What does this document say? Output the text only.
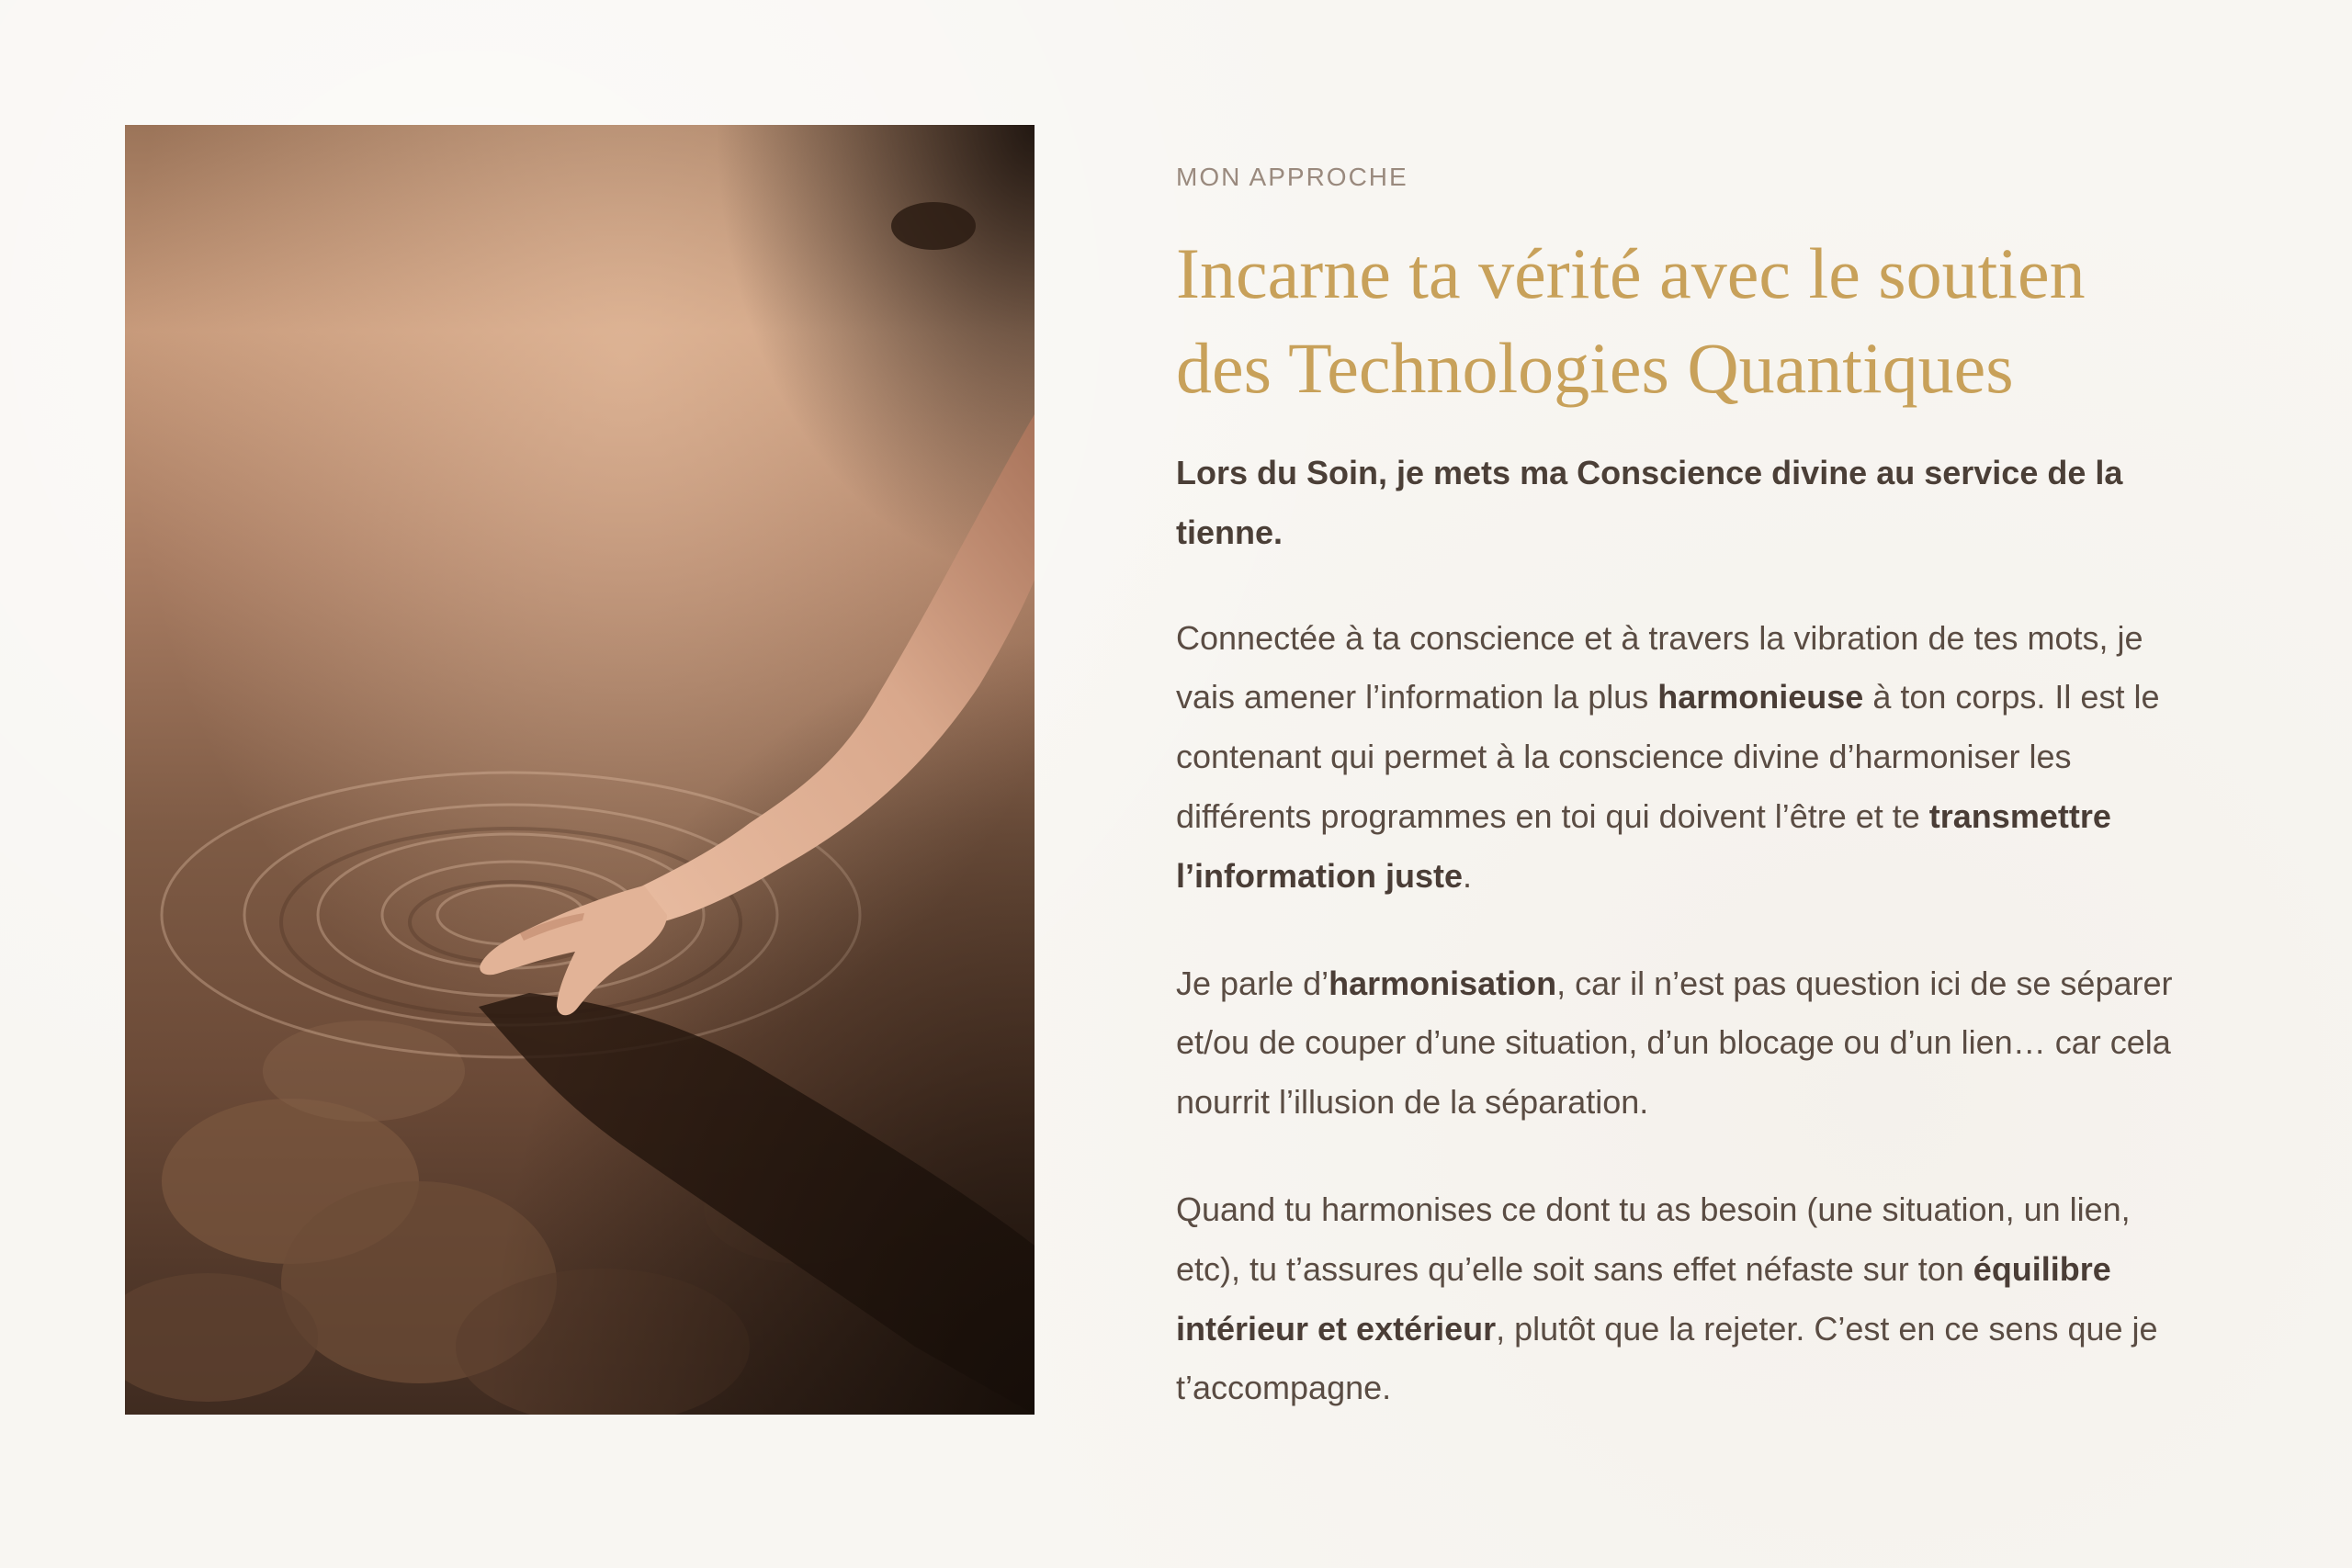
MON APPROCHE
Incarne ta vérité avec le soutien
des Technologies Quantiques

Lors du Soin, je mets ma Conscience divine au service de la tienne.

Connectée à ta conscience et à travers la vibration de tes mots, je vais amener l’information la plus harmonieuse à ton corps. Il est le contenant qui permet à la conscience divine d’harmoniser les différents programmes en toi qui doivent l’être et te transmettre l’information juste.

Je parle d’harmonisation, car il n’est pas question ici de se séparer et/ou de couper d’une situation, d’un blocage ou d’un lien… car cela nourrit l’illusion de la séparation.

Quand tu harmonises ce dont tu as besoin (une situation, un lien, etc), tu t’assures qu’elle soit sans effet néfaste sur ton équilibre intérieur et extérieur, plutôt que la rejeter. C’est en ce sens que je t’accompagne.
